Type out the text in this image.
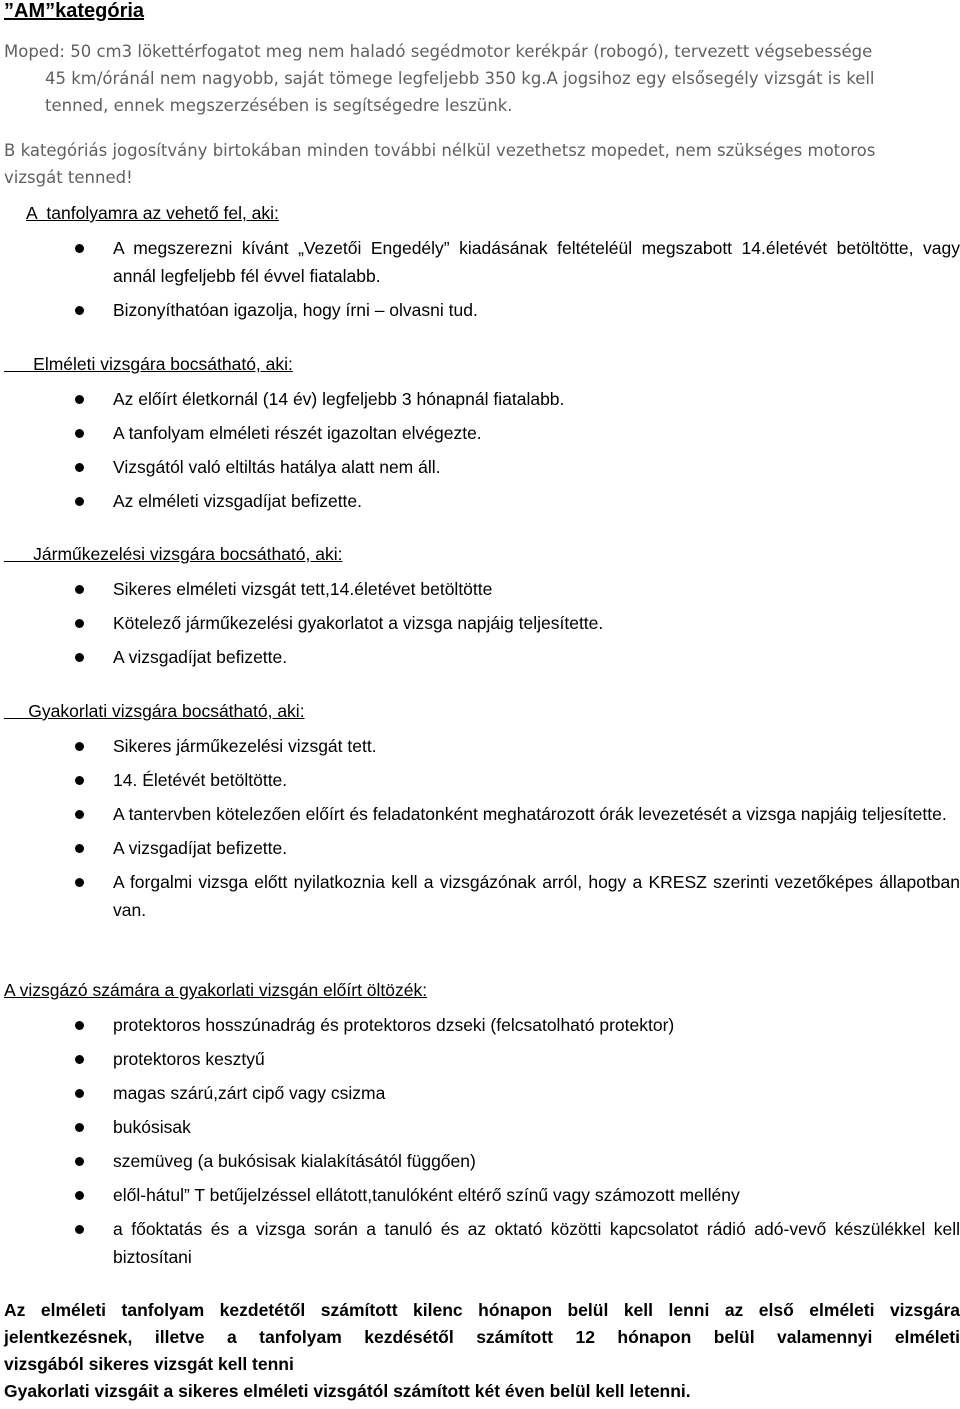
”AM”kategória
Moped: 50 cm3 lökettérfogatot meg nem haladó segédmotor kerékpár (robogó), tervezett végsebessége
45 km/óránál nem nagyobb, saját tömege legfeljebb 350 kg.A jogsihoz egy elsősegély vizsgát is kell
tenned, ennek megszerzésében is segítségedre leszünk.
B kategóriás jogosítvány birtokában minden további nélkül vezethetsz mopedet, nem szükséges motoros
vizsgát tenned!
A  tanfolyamra az vehető fel, aki:
A megszerezni kívánt „Vezetői Engedély” kiadásának feltételéül megszabott 14.életévét betöltötte, vagy annál legfeljebb fél évvel fiatalabb.
Bizonyíthatóan igazolja, hogy írni – olvasni tud.
Elméleti vizsgára bocsátható, aki:
Az előírt életkornál (14 év) legfeljebb 3 hónapnál fiatalabb.
A tanfolyam elméleti részét igazoltan elvégezte.
Vizsgától való eltiltás hatálya alatt nem áll.
Az elméleti vizsgadíjat befizette.
Járműkezelési vizsgára bocsátható, aki:
Sikeres elméleti vizsgát tett,14.életévet betöltötte
Kötelező járműkezelési gyakorlatot a vizsga napjáig teljesítette.
A vizsgadíjat befizette.
Gyakorlati vizsgára bocsátható, aki:
Sikeres járműkezelési vizsgát tett.
14. Életévét betöltötte.
A tantervben kötelezően előírt és feladatonként meghatározott órák levezetését a vizsga napjáig teljesítette.
A vizsgadíjat befizette.
A forgalmi vizsga előtt nyilatkoznia kell a vizsgázónak arról, hogy a KRESZ szerinti vezetőképes állapotban van.
A vizsgázó számára a gyakorlati vizsgán előírt öltözék:
protektoros hosszúnadrág és protektoros dzseki (felcsatolható protektor)
protektoros kesztyű
magas szárú,zárt cipő vagy csizma
bukósisak
szemüveg (a bukósisak kialakításától függően)
elől-hátul” T betűjelzéssel ellátott,tanulóként eltérő színű vagy számozott mellény
a főoktatás és a vizsga során a tanuló és az oktató közötti kapcsolatot rádió adó-vevő készülékkel kell biztosítani
Az elméleti tanfolyam kezdetétől számított kilenc hónapon belül kell lenni az első elméleti vizsgára
jelentkezésnek, illetve a tanfolyam kezdésétől számított 12 hónapon belül valamennyi elméleti
vizsgából sikeres vizsgát kell tenni
Gyakorlati vizsgáit a sikeres elméleti vizsgától számított két éven belül kell letenni.
